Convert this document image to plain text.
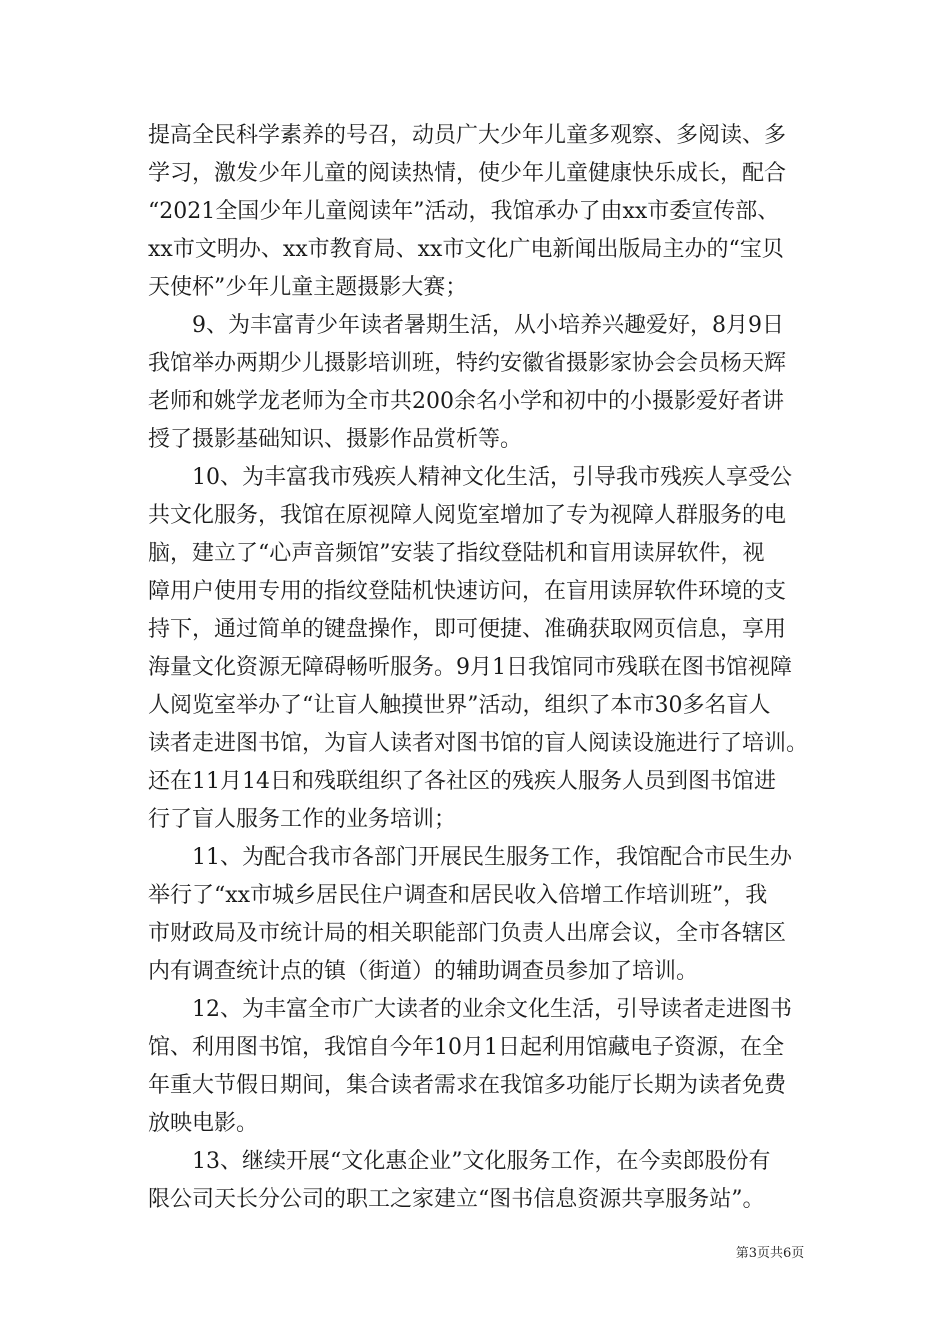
提高全民科学素养的号召，动员广大少年儿童多观察、多阅读、多
学习，激发少年儿童的阅读热情，使少年儿童健康快乐成长，配合
“2021全国少年儿童阅读年”活动，我馆承办了由xx市委宣传部、
xx市文明办、xx市教育局、xx市文化广电新闻出版局主办的“宝贝
天使杯”少年儿童主题摄影大赛；
9、为丰富青少年读者暑期生活，从小培养兴趣爱好，8月9日
我馆举办两期少儿摄影培训班，特约安徽省摄影家协会会员杨天辉
老师和姚学龙老师为全市共200余名小学和初中的小摄影爱好者讲
授了摄影基础知识、摄影作品赏析等。
10、为丰富我市残疾人精神文化生活，引导我市残疾人享受公
共文化服务，我馆在原视障人阅览室增加了专为视障人群服务的电
脑，建立了“心声音频馆”安装了指纹登陆机和盲用读屏软件，视
障用户使用专用的指纹登陆机快速访问，在盲用读屏软件环境的支
持下，通过简单的键盘操作，即可便捷、准确获取网页信息，享用
海量文化资源无障碍畅听服务。9月1日我馆同市残联在图书馆视障
人阅览室举办了“让盲人触摸世界”活动，组织了本市30多名盲人
读者走进图书馆，为盲人读者对图书馆的盲人阅读设施进行了培训。
还在11月14日和残联组织了各社区的残疾人服务人员到图书馆进
行了盲人服务工作的业务培训；
11、为配合我市各部门开展民生服务工作，我馆配合市民生办
举行了“xx市城乡居民住户调查和居民收入倍增工作培训班”，我
市财政局及市统计局的相关职能部门负责人出席会议，全市各辖区
内有调查统计点的镇（街道）的辅助调查员参加了培训。
12、为丰富全市广大读者的业余文化生活，引导读者走进图书
馆、利用图书馆，我馆自今年10月1日起利用馆藏电子资源，在全
年重大节假日期间，集合读者需求在我馆多功能厅长期为读者免费
放映电影。
13、继续开展“文化惠企业”文化服务工作，在今卖郎股份有
限公司天长分公司的职工之家建立“图书信息资源共享服务站”。
第3页共6页
